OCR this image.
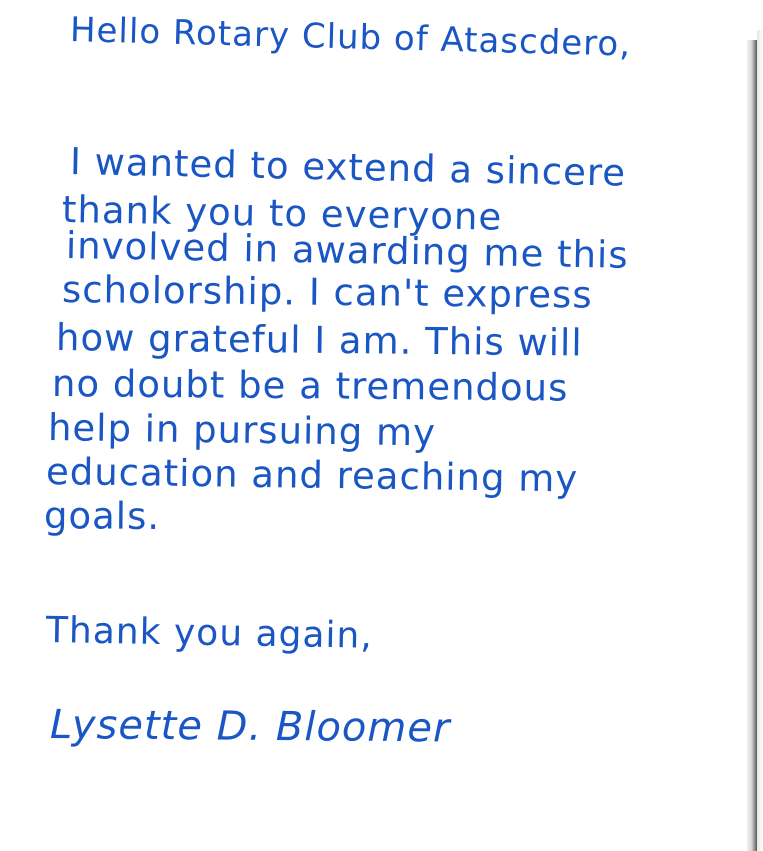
Hello Rotary Club of Atascdero,

I wanted to extend a sincere

thank you to everyone

involved in awarding me this

scholorship. I can't express

how grateful I am. This will

no doubt be a tremendous

help in pursuing my

education and reaching my

goals.

Thank you again,

Lysette D. Bloomer
